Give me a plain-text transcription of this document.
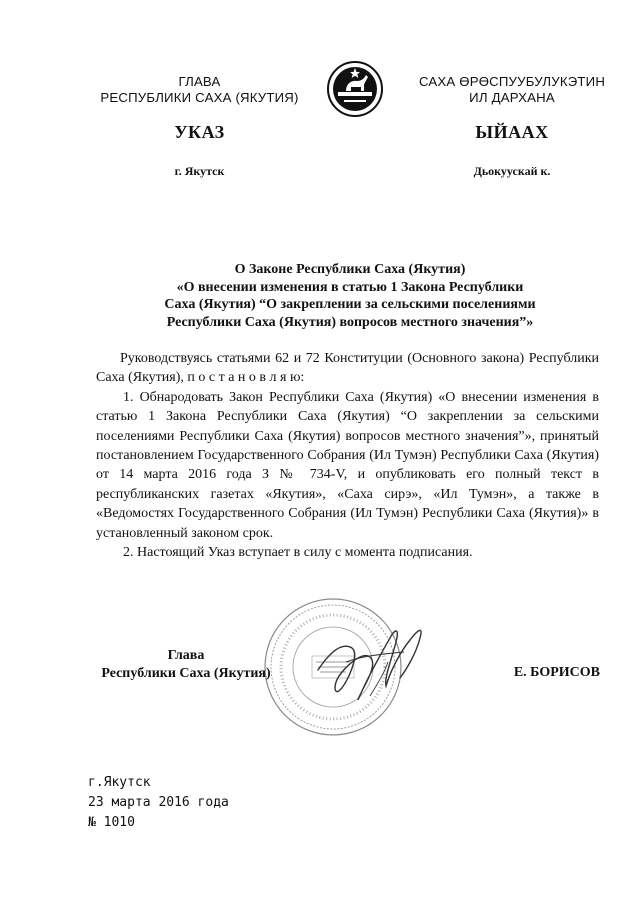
ГЛАВА
РЕСПУБЛИКИ САХА (ЯКУТИЯ)
САХА ӨРӨСПУУБУЛУКЭТИН
ИЛ ДАРХАНА
УКАЗ	ЫЙААХ
г. Якутск	Дьокуускай к.
О Законе Республики Саха (Якутия)
«О внесении изменения в статью 1 Закона Республики
Саха (Якутия) “О закреплении за сельскими поселениями
Республики Саха (Якутия) вопросов местного значения”»

Руководствуясь статьями 62 и 72 Конституции (Основного закона) Республики Саха (Якутия), п о с т а н о в л я ю:

1. Обнародовать Закон Республики Саха (Якутия) «О внесении изменения в статью 1 Закона Республики Саха (Якутия) “О закреплении за сельскими поселениями Республики Саха (Якутия) вопросов местного значения”», принятый постановлением Государственного Собрания (Ил Тумэн) Республики Саха (Якутия) от 14 марта 2016 года З № 734-V, и опубликовать его полный текст в республиканских газетах «Якутия», «Саха сирэ», «Ил Тумэн», а также в «Ведомостях Государственного Собрания (Ил Тумэн) Республики Саха (Якутия)» в установленный законом срок.

2. Настоящий Указ вступает в силу с момента подписания.

Глава
Республики Саха (Якутия)	Е. БОРИСОВ
г.Якутск
23 марта 2016 года
№ 1010
